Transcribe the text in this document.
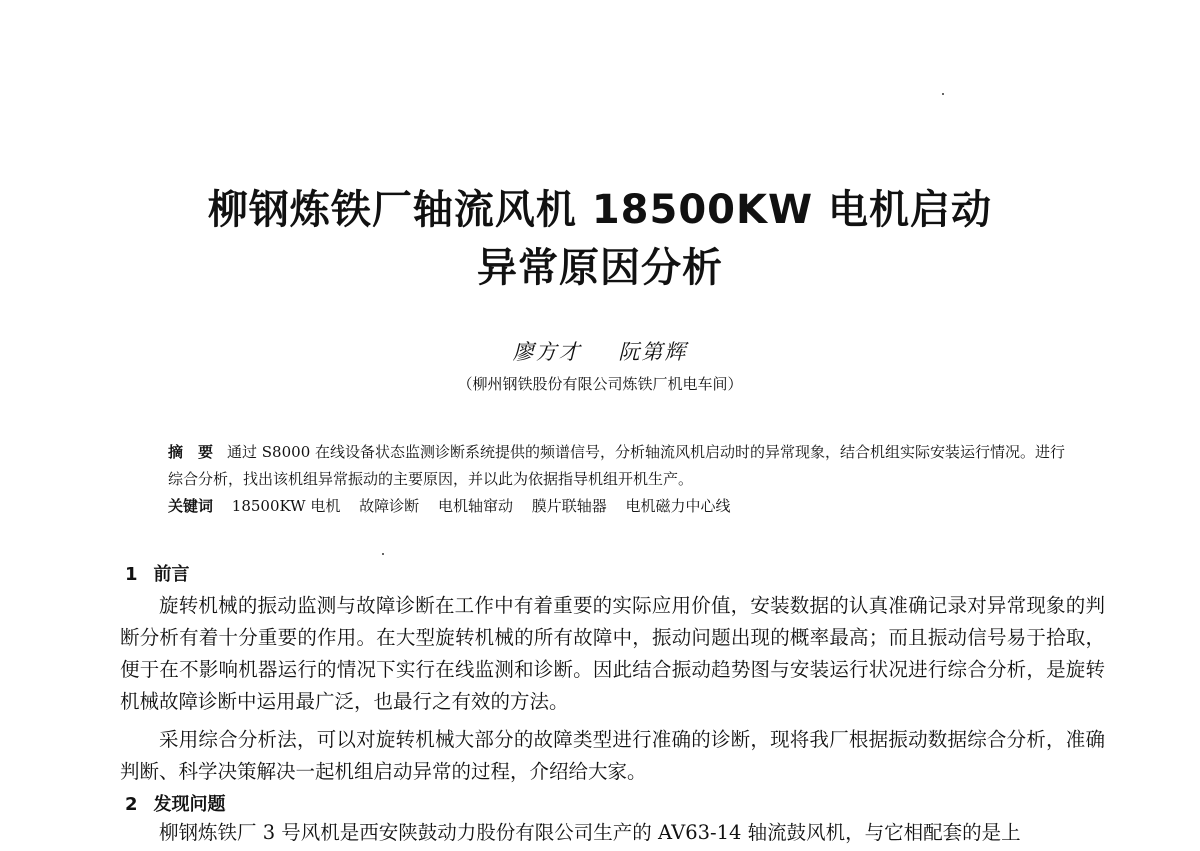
柳钢炼铁厂轴流风机 18500KW 电机启动
异常原因分析
廖方才 阮第辉
（柳州钢铁股份有限公司炼铁厂机电车间）
摘　要 通过 S8000 在线设备状态监测诊断系统提供的频谱信号，分析轴流风机启动时的异常现象，结合机组实际安装运行情况。进行综合分析，找出该机组异常振动的主要原因，并以此为依据指导机组开机生产。
关键词 18500KW 电机 故障诊断 电机轴窜动 膜片联轴器 电机磁力中心线
1 前言

旋转机械的振动监测与故障诊断在工作中有着重要的实际应用价值，安装数据的认真准确记录对异常现象的判断分析有着十分重要的作用。在大型旋转机械的所有故障中，振动问题出现的概率最高；而且振动信号易于拾取，便于在不影响机器运行的情况下实行在线监测和诊断。因此结合振动趋势图与安装运行状况进行综合分析，是旋转机械故障诊断中运用最广泛，也最行之有效的方法。

采用综合分析法，可以对旋转机械大部分的故障类型进行准确的诊断，现将我厂根据振动数据综合分析，准确判断、科学决策解决一起机组启动异常的过程，介绍给大家。

2 发现问题

柳钢炼铁厂 3 号风机是西安陕鼓动力股份有限公司生产的 AV63-14 轴流鼓风机，与它相配套的是上
